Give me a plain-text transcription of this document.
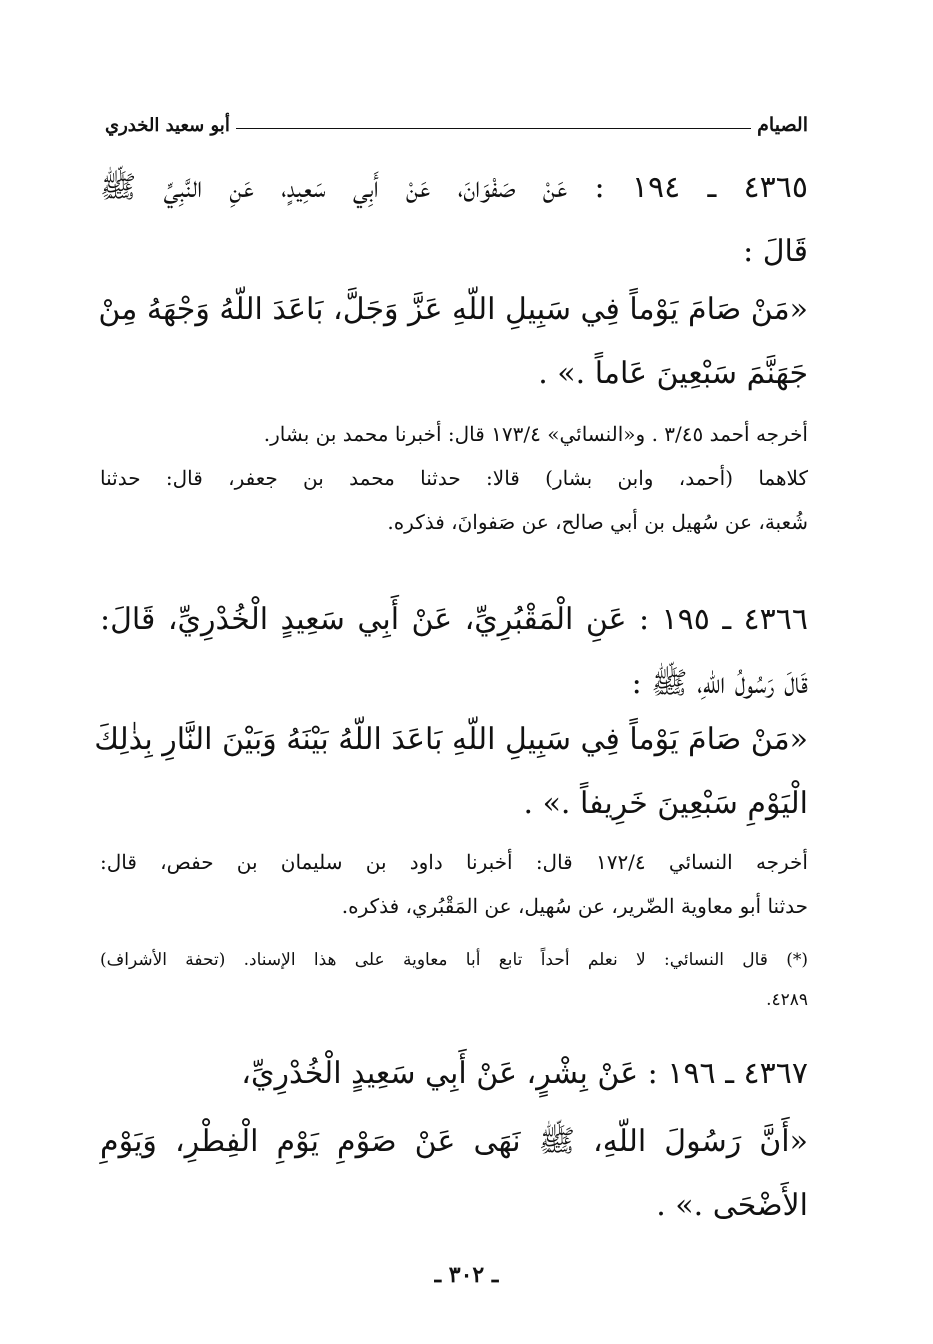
الصيام
أبو سعيد الخدري
٤٣٦٥ ـ ١٩٤ : عَنْ صَفْوَانَ، عَنْ أَبِي سَعِيدٍ، عَنِ النَّبِيِّ ﷺ
قَالَ :
«مَنْ صَامَ يَوْماً فِي سَبِيلِ اللّهِ عَزَّ وَجَلَّ، بَاعَدَ اللّهُ وَجْهَهُ مِنْ
جَهَنَّمَ سَبْعِينَ عَاماً .» .
أخرجه أحمد ٣/٤٥ . و«النسائي» ١٧٣/٤ قال: أخبرنا محمد بن بشار.
كلاهما (أحمد، وابن بشار) قالا: حدثنا محمد بن جعفر، قال: حدثنا
شُعبة، عن سُهيل بن أبي صالح، عن صَفوانَ، فذكره.
٤٣٦٦ ـ ١٩٥ : عَنِ الْمَقْبُرِيِّ، عَنْ أَبِي سَعِيدٍ الْخُدْرِيِّ، قَالَ:
قَالَ رَسُولُ اللّهِ، ﷺ :
«مَنْ صَامَ يَوْماً فِي سَبِيلِ اللّهِ بَاعَدَ اللّهُ بَيْنَهُ وَبَيْنَ النَّارِ بِذٰلِكَ
الْيَوْمِ سَبْعِينَ خَرِيفاً .» .
أخرجه النسائي ١٧٢/٤ قال: أخبرنا داود بن سليمان بن حفص، قال:
حدثنا أبو معاوية الضّرير، عن سُهيل، عن المَقْبُري، فذكره.
(*) قال النسائي: لا نعلم أحداً تابع أبا معاوية على هذا الإسناد. (تحفة الأشراف)
٤٢٨٩.
٤٣٦٧ ـ ١٩٦ : عَنْ بِشْرٍ، عَنْ أَبِي سَعِيدٍ الْخُدْرِيِّ،
«أَنَّ رَسُولَ اللّهِ، ﷺ نَهَى عَنْ صَوْمِ يَوْمِ الْفِطْرِ، وَيَوْمِ
الأَضْحَى .» .
ـ ٣٠٢ ـ
